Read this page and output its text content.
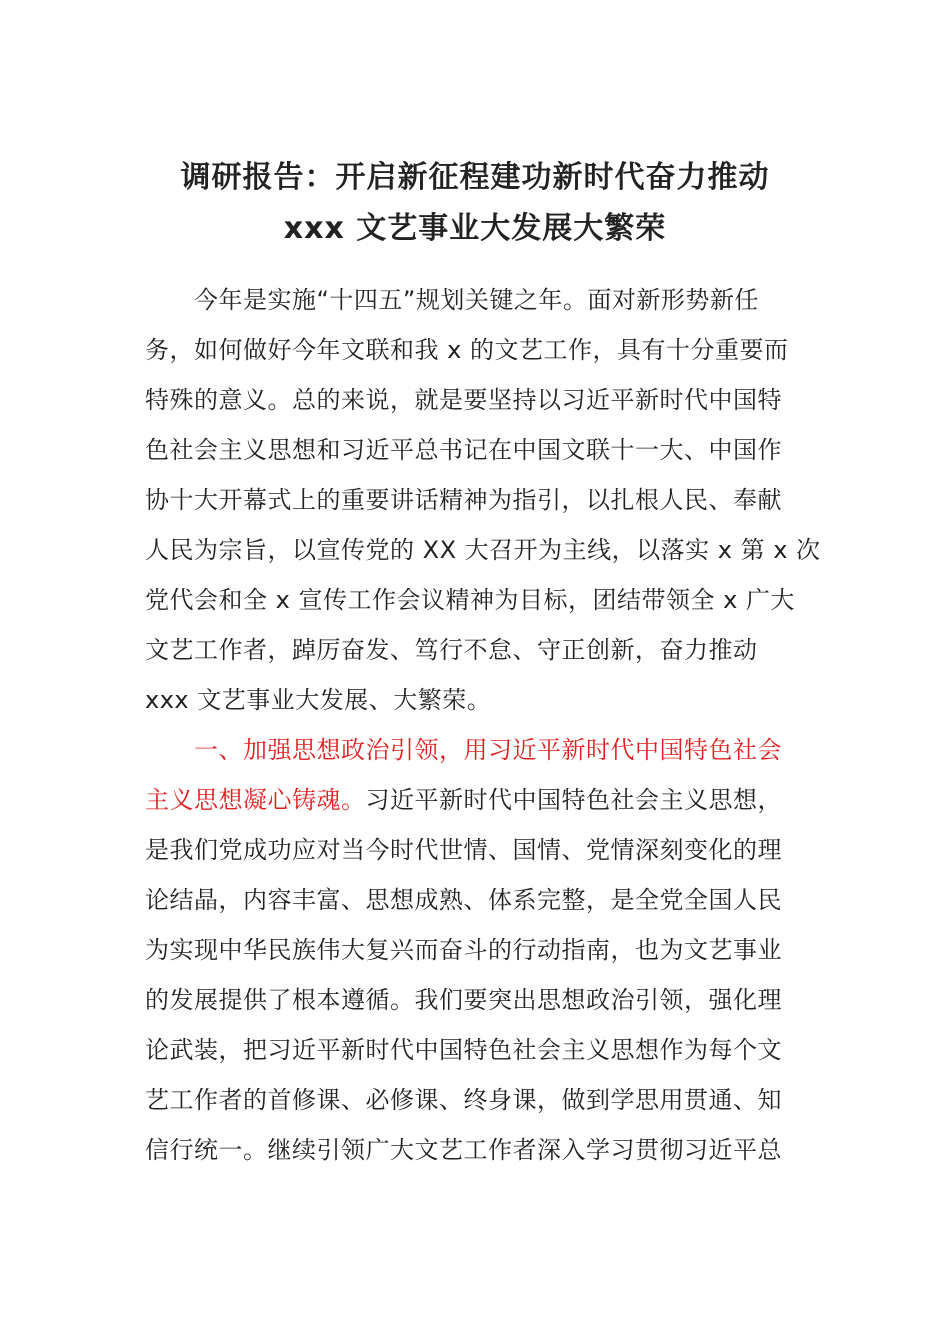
调研报告：开启新征程建功新时代奋力推动
xxx 文艺事业大发展大繁荣
今年是实施“十四五”规划关键之年。面对新形势新任
务，如何做好今年文联和我 x 的文艺工作，具有十分重要而
特殊的意义。总的来说，就是要坚持以习近平新时代中国特
色社会主义思想和习近平总书记在中国文联十一大、中国作
协十大开幕式上的重要讲话精神为指引，以扎根人民、奉献
人民为宗旨，以宣传党的 XX 大召开为主线，以落实 x 第 x 次
党代会和全 x 宣传工作会议精神为目标，团结带领全 x 广大
文艺工作者，踔厉奋发、笃行不怠、守正创新，奋力推动
xxx 文艺事业大发展、大繁荣。
一、加强思想政治引领，用习近平新时代中国特色社会
主义思想凝心铸魂。习近平新时代中国特色社会主义思想，
是我们党成功应对当今时代世情、国情、党情深刻变化的理
论结晶，内容丰富、思想成熟、体系完整，是全党全国人民
为实现中华民族伟大复兴而奋斗的行动指南，也为文艺事业
的发展提供了根本遵循。我们要突出思想政治引领，强化理
论武装，把习近平新时代中国特色社会主义思想作为每个文
艺工作者的首修课、必修课、终身课，做到学思用贯通、知
信行统一。继续引领广大文艺工作者深入学习贯彻习近平总
